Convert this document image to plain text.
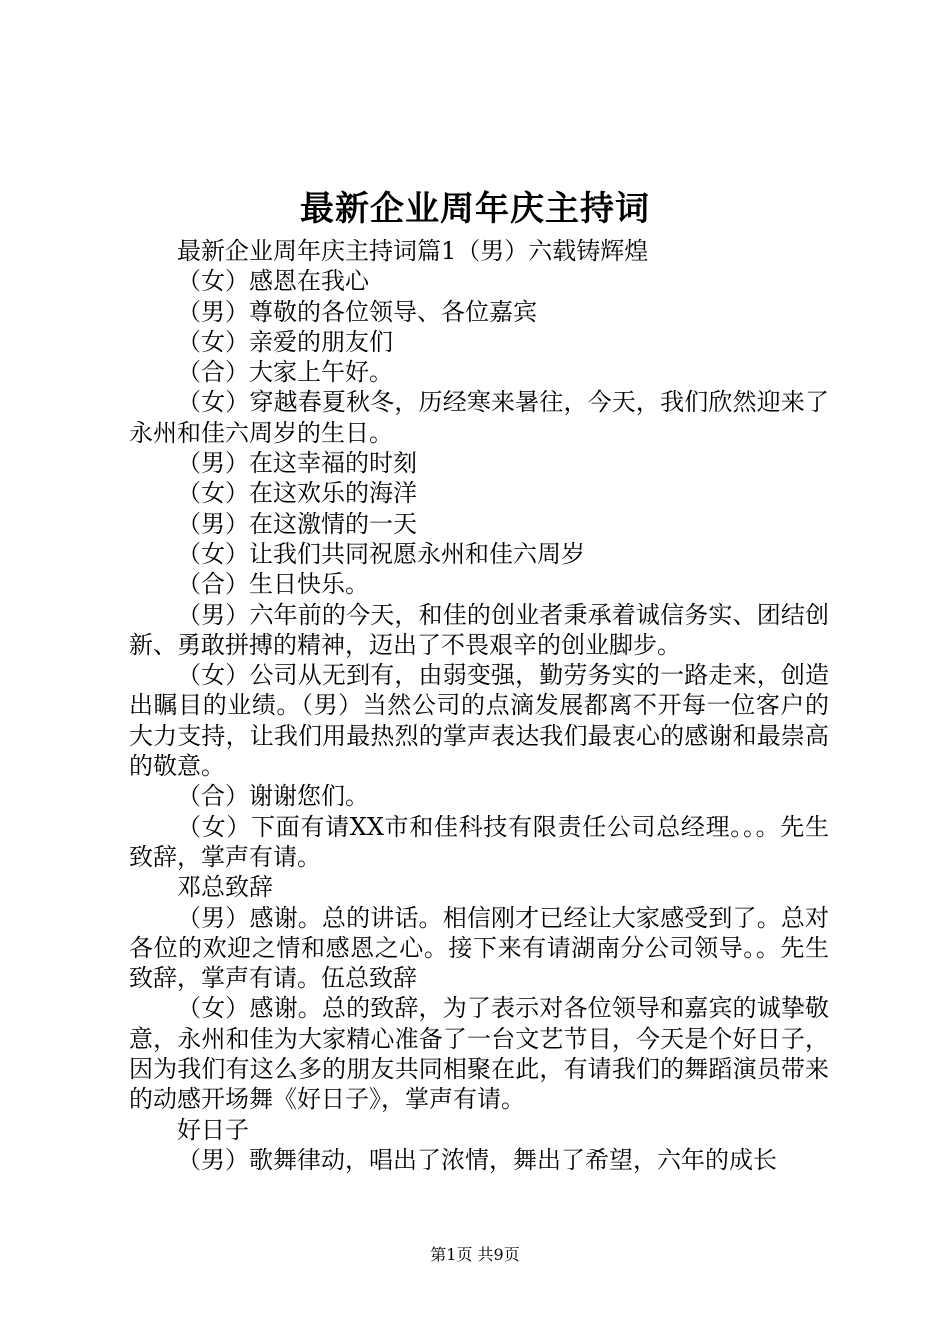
最新企业周年庆主持词

最新企业周年庆主持词篇1（男）六载铸辉煌

（女）感恩在我心

（男）尊敬的各位领导、各位嘉宾

（女）亲爱的朋友们

（合）大家上午好。

（女）穿越春夏秋冬，历经寒来暑往，今天，我们欣然迎来了永州和佳六周岁的生日。

（男）在这幸福的时刻

（女）在这欢乐的海洋

（男）在这激情的一天

（女）让我们共同祝愿永州和佳六周岁

（合）生日快乐。

（男）六年前的今天，和佳的创业者秉承着诚信务实、团结创新、勇敢拼搏的精神，迈出了不畏艰辛的创业脚步。

（女）公司从无到有，由弱变强，勤劳务实的一路走来，创造出瞩目的业绩。（男）当然公司的点滴发展都离不开每一位客户的大力支持，让我们用最热烈的掌声表达我们最衷心的感谢和最崇高的敬意。

（合）谢谢您们。

（女）下面有请XX市和佳科技有限责任公司总经理。。。先生致辞，掌声有请。

邓总致辞

（男）感谢。总的讲话。相信刚才已经让大家感受到了。总对各位的欢迎之情和感恩之心。接下来有请湖南分公司领导。。先生致辞，掌声有请。伍总致辞

（女）感谢。总的致辞，为了表示对各位领导和嘉宾的诚挚敬意，永州和佳为大家精心准备了一台文艺节目，今天是个好日子，因为我们有这么多的朋友共同相聚在此，有请我们的舞蹈演员带来的动感开场舞《好日子》，掌声有请。

好日子

（男）歌舞律动，唱出了浓情，舞出了希望，六年的成长

第1页 共9页
